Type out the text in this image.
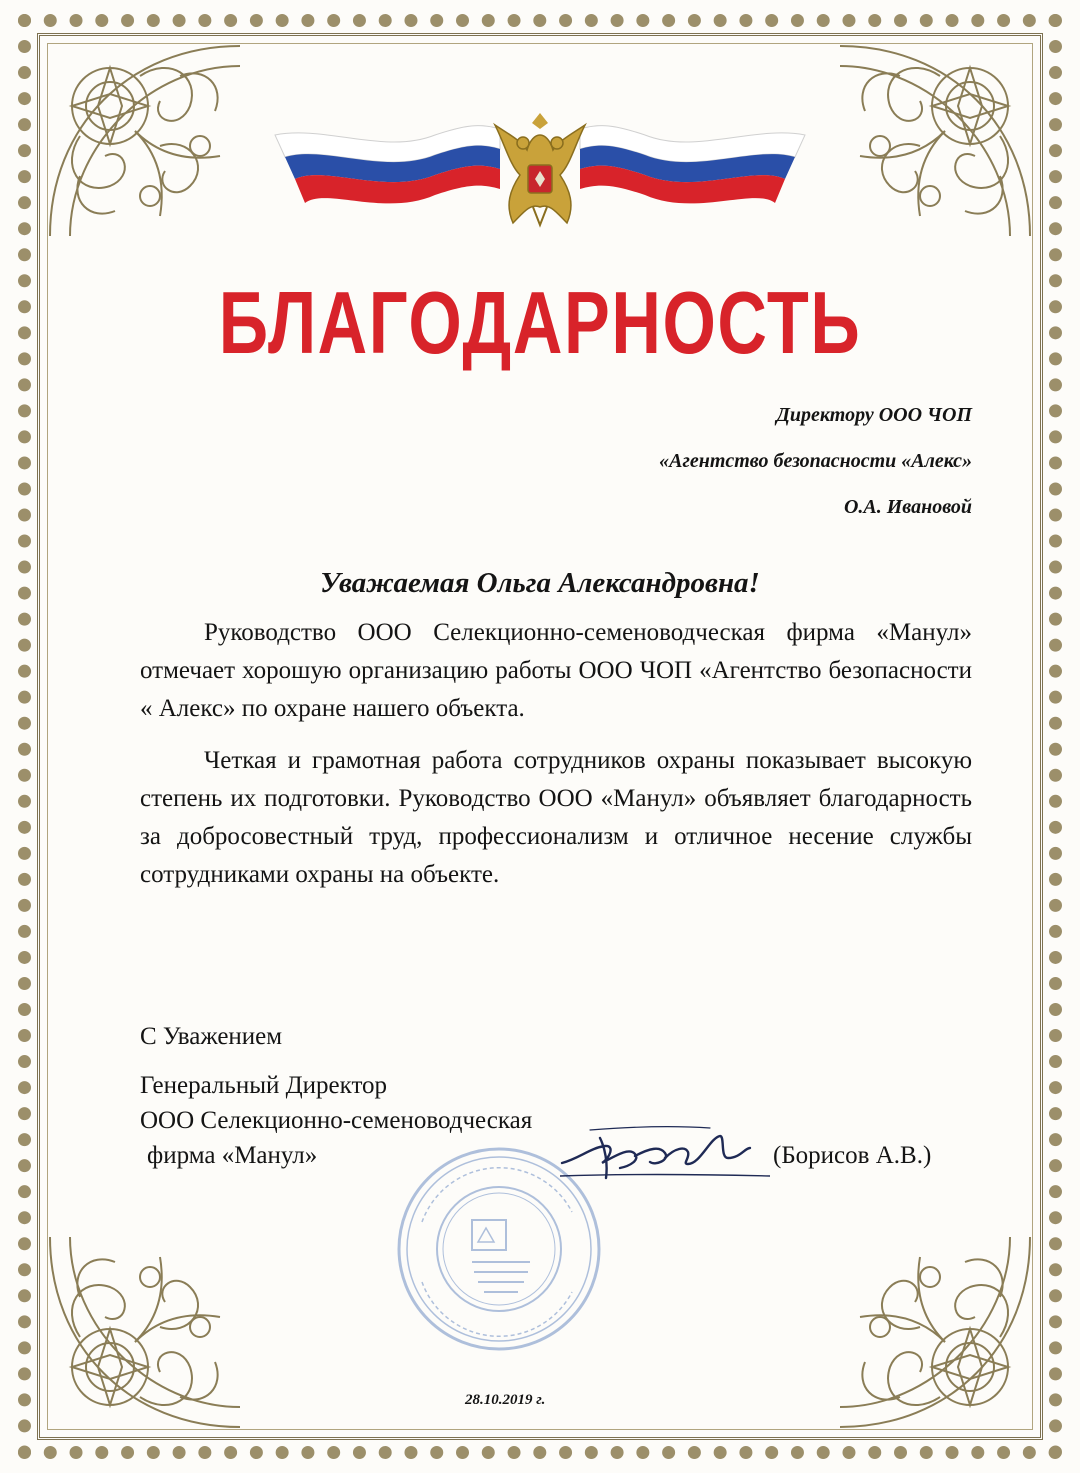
БЛАГОДАРНОСТЬ
Директору ООО ЧОП
«Агентство безопасности «Алекс»
О.А. Ивановой
Уважаемая Ольга Александровна!

Руководство ООО Селекционно-семеноводческая фирма «Манул» отмечает хорошую организацию работы ООО ЧОП «Агентство безопасности « Алекс» по охране нашего объекта.

Четкая и грамотная работа сотрудников охраны показывает высокую степень их подготовки. Руководство ООО «Манул» объявляет благодарность за добросовестный труд, профессионализм и отличное несение службы сотрудниками охраны на объекте.

С Уважением
Генеральный Директор
ООО Селекционно-семеноводческая
фирма «Манул»	(Борисов А.В.)
28.10.2019 г.
